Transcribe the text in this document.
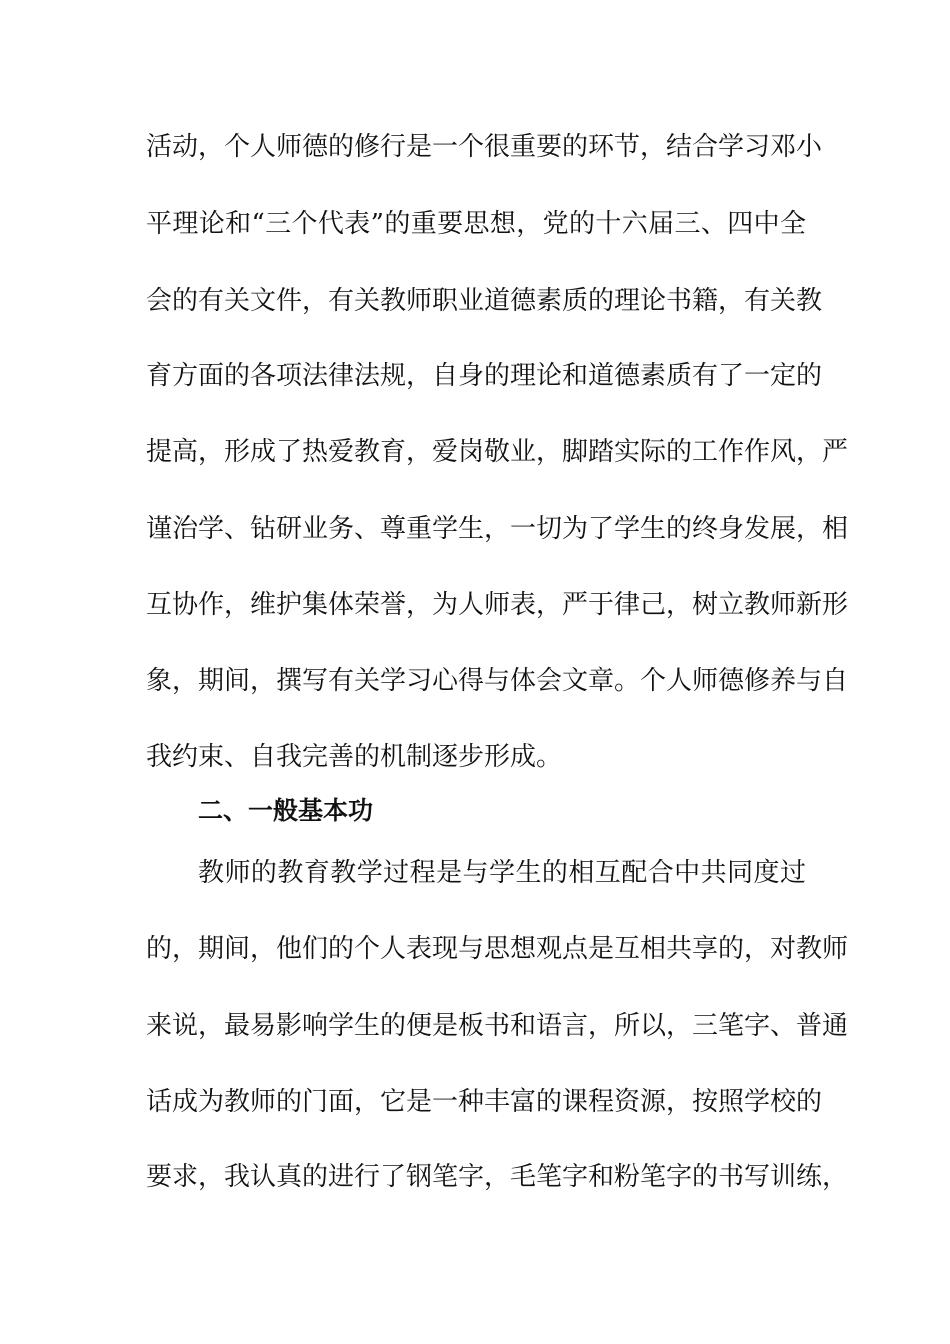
活动，个人师德的修行是一个很重要的环节，结合学习邓小
平理论和“三个代表”的重要思想，党的十六届三、四中全
会的有关文件，有关教师职业道德素质的理论书籍，有关教
育方面的各项法律法规，自身的理论和道德素质有了一定的
提高，形成了热爱教育，爱岗敬业，脚踏实际的工作作风，严
谨治学、钻研业务、尊重学生，一切为了学生的终身发展，相
互协作，维护集体荣誉，为人师表，严于律己，树立教师新形
象，期间，撰写有关学习心得与体会文章。个人师德修养与自
我约束、自我完善的机制逐步形成。
二、一般基本功
教师的教育教学过程是与学生的相互配合中共同度过
的，期间，他们的个人表现与思想观点是互相共享的，对教师
来说，最易影响学生的便是板书和语言，所以，三笔字、普通
话成为教师的门面，它是一种丰富的课程资源，按照学校的
要求，我认真的进行了钢笔字，毛笔字和粉笔字的书写训练，
